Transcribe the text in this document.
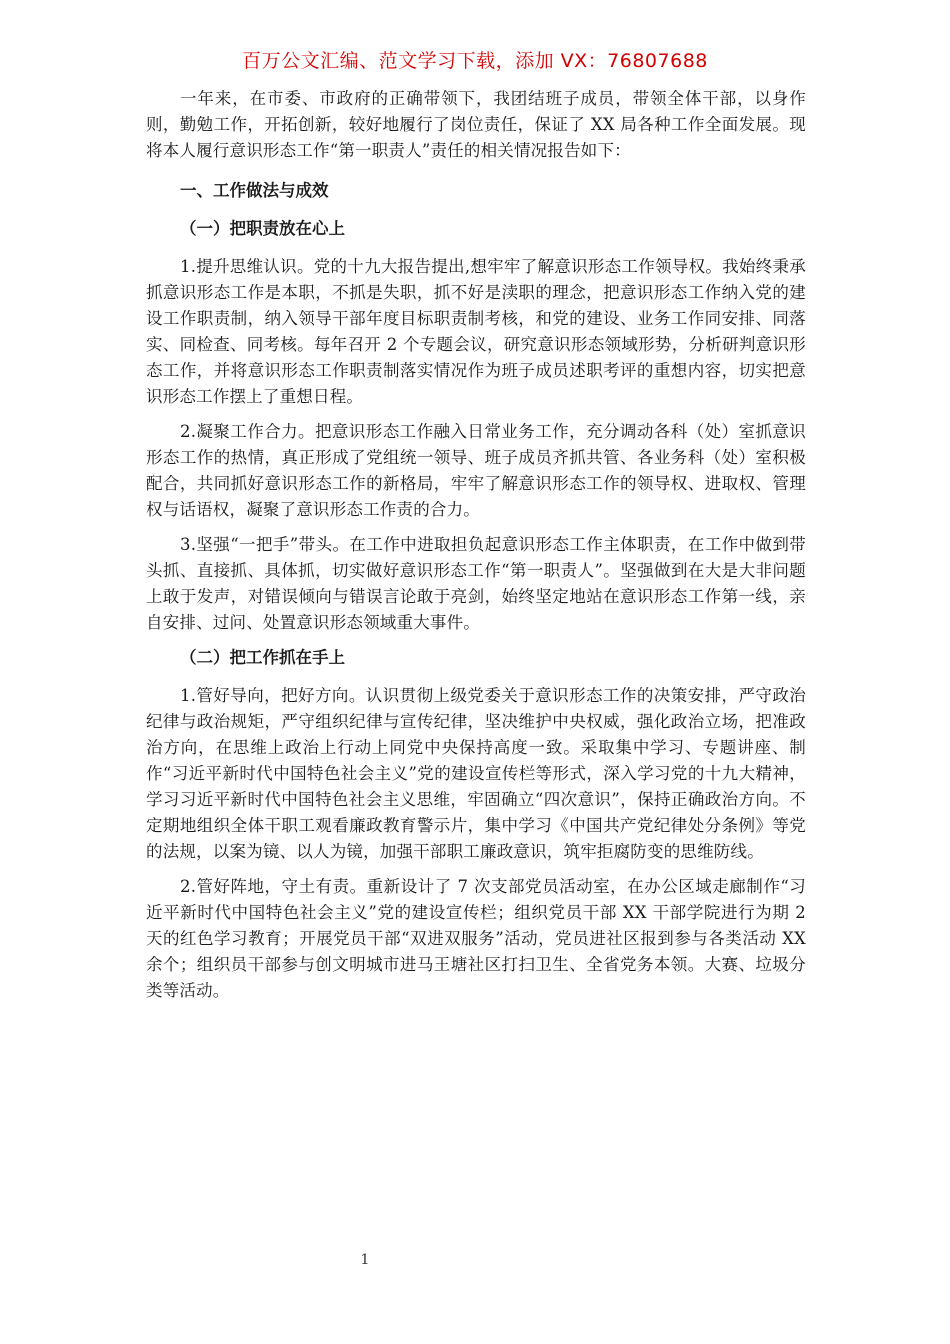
百万公文汇编、范文学习下载，添加 VX：76807688

一年来，在市委、市政府的正确带领下，我团结班子成员，带领全体干部，以身作则，勤勉工作，开拓创新，较好地履行了岗位责任，保证了 XX 局各种工作全面发展。现将本人履行意识形态工作“第一职责人”责任的相关情况报告如下：

一、工作做法与成效
（一）把职责放在心上

1.提升思维认识。党的十九大报告提出,想牢牢了解意识形态工作领导权。我始终秉承抓意识形态工作是本职，不抓是失职，抓不好是渎职的理念，把意识形态工作纳入党的建设工作职责制，纳入领导干部年度目标职责制考核，和党的建设、业务工作同安排、同落实、同检查、同考核。每年召开 2 个专题会议，研究意识形态领域形势，分析研判意识形态工作，并将意识形态工作职责制落实情况作为班子成员述职考评的重想内容，切实把意识形态工作摆上了重想日程。

2.凝聚工作合力。把意识形态工作融入日常业务工作，充分调动各科（处）室抓意识形态工作的热情，真正形成了党组统一领导、班子成员齐抓共管、各业务科（处）室积极配合，共同抓好意识形态工作的新格局，牢牢了解意识形态工作的领导权、进取权、管理权与话语权，凝聚了意识形态工作责的合力。

3.坚强“一把手”带头。在工作中进取担负起意识形态工作主体职责，在工作中做到带头抓、直接抓、具体抓，切实做好意识形态工作“第一职责人”。坚强做到在大是大非问题上敢于发声，对错误倾向与错误言论敢于亮剑，始终坚定地站在意识形态工作第一线，亲自安排、过问、处置意识形态领域重大事件。

（二）把工作抓在手上

1.管好导向，把好方向。认识贯彻上级党委关于意识形态工作的决策安排，严守政治纪律与政治规矩，严守组织纪律与宣传纪律，坚决维护中央权威，强化政治立场，把准政治方向，在思维上政治上行动上同党中央保持高度一致。采取集中学习、专题讲座、制作“习近平新时代中国特色社会主义”党的建设宣传栏等形式，深入学习党的十九大精神，学习习近平新时代中国特色社会主义思维，牢固确立“四次意识”，保持正确政治方向。不定期地组织全体干职工观看廉政教育警示片，集中学习《中国共产党纪律处分条例》等党的法规，以案为镜、以人为镜，加强干部职工廉政意识，筑牢拒腐防变的思维防线。

2.管好阵地，守土有责。重新设计了 7 次支部党员活动室，在办公区域走廊制作“习近平新时代中国特色社会主义”党的建设宣传栏；组织党员干部 XX 干部学院进行为期 2 天的红色学习教育；开展党员干部“双进双服务”活动，党员进社区报到参与各类活动 XX 余个；组织员干部参与创文明城市进马王塘社区打扫卫生、全省党务本领。大赛、垃圾分类等活动。

1
